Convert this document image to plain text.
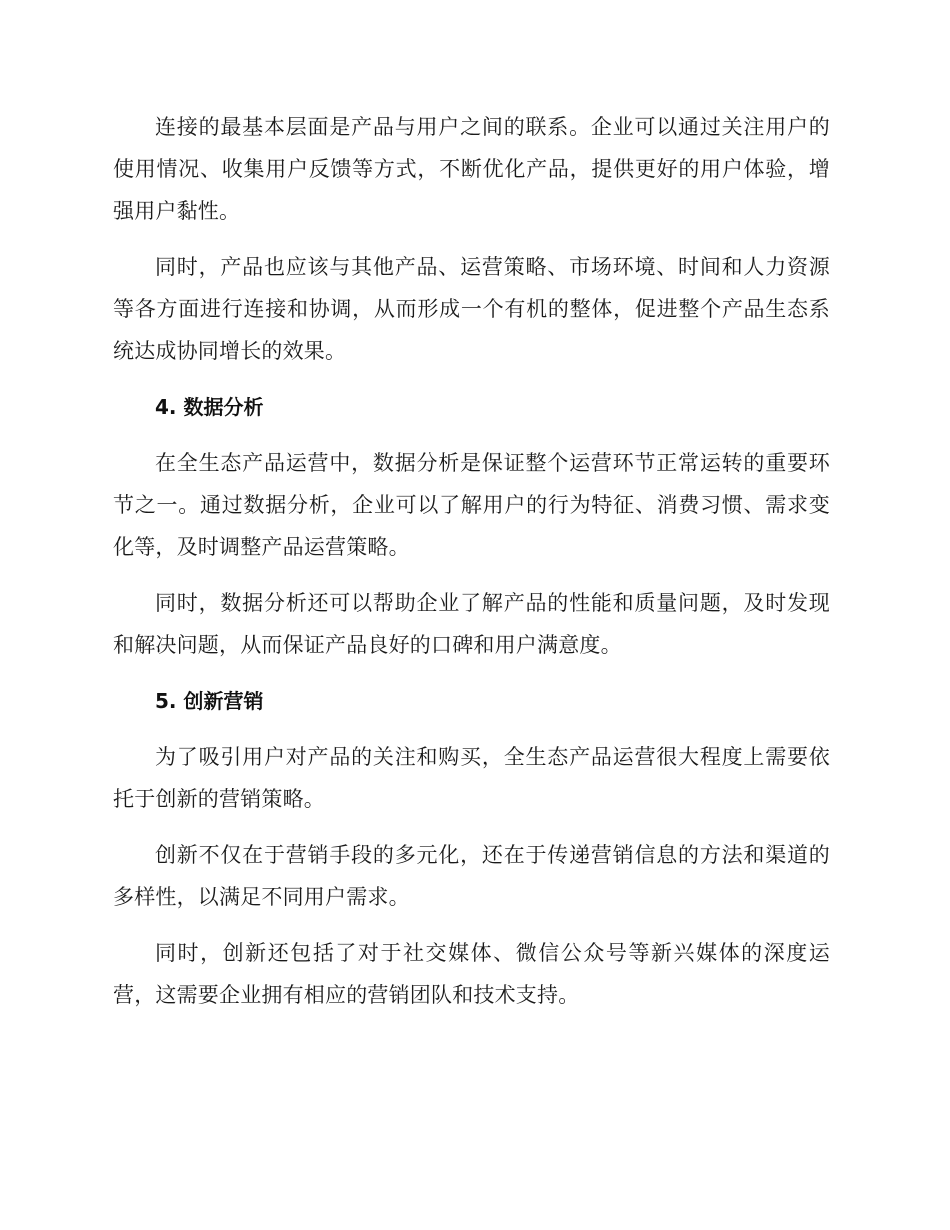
连接的最基本层面是产品与用户之间的联系。企业可以通过关注用户的使用情况、收集用户反馈等方式，不断优化产品，提供更好的用户体验，增强用户黏性。

同时，产品也应该与其他产品、运营策略、市场环境、时间和人力资源等各方面进行连接和协调，从而形成一个有机的整体，促进整个产品生态系统达成协同增长的效果。

4. 数据分析

在全生态产品运营中，数据分析是保证整个运营环节正常运转的重要环节之一。通过数据分析，企业可以了解用户的行为特征、消费习惯、需求变化等，及时调整产品运营策略。

同时，数据分析还可以帮助企业了解产品的性能和质量问题，及时发现和解决问题，从而保证产品良好的口碑和用户满意度。

5. 创新营销

为了吸引用户对产品的关注和购买，全生态产品运营很大程度上需要依托于创新的营销策略。

创新不仅在于营销手段的多元化，还在于传递营销信息的方法和渠道的多样性，以满足不同用户需求。

同时，创新还包括了对于社交媒体、微信公众号等新兴媒体的深度运营，这需要企业拥有相应的营销团队和技术支持。
